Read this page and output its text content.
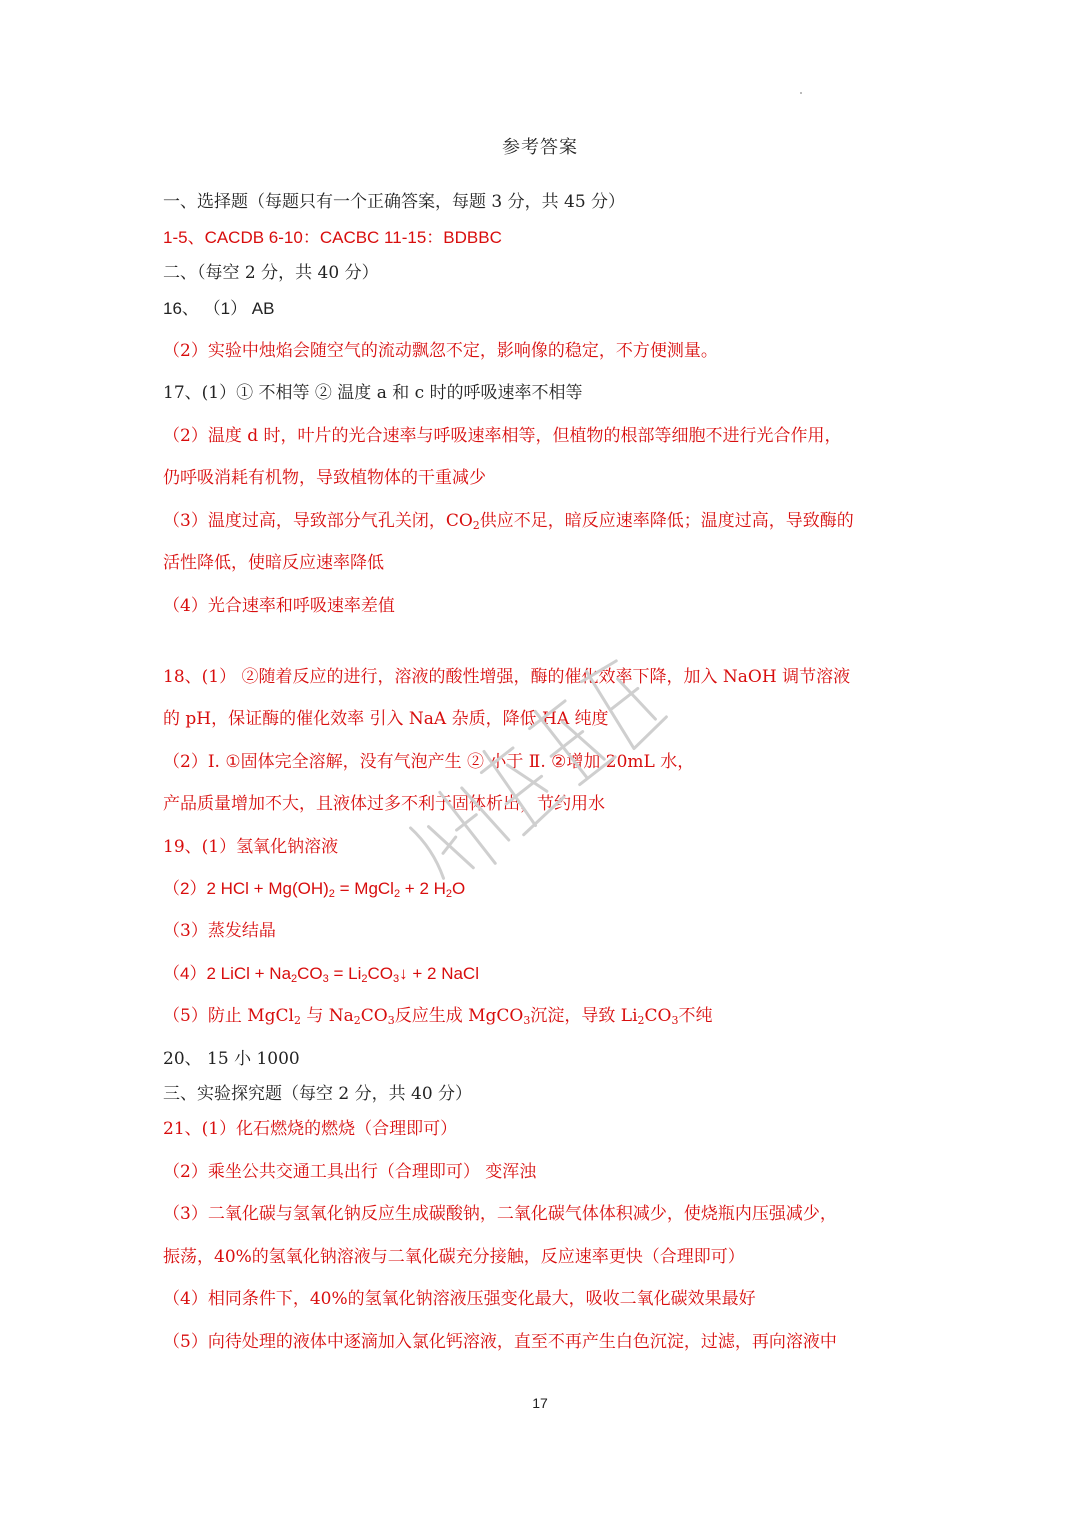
参考答案
一、选择题（每题只有一个正确答案，每题 3 分，共 45 分）
1-5、CACDB 6-10：CACBC 11-15：BDBBC
二、（每空 2 分，共 40 分）
16、 （1） AB
（2）实验中烛焰会随空气的流动飘忽不定，影响像的稳定，不方便测量。
17、(1）① 不相等 ② 温度 a 和 c 时的呼吸速率不相等
（2）温度 d 时，叶片的光合速率与呼吸速率相等，但植物的根部等细胞不进行光合作用，
仍呼吸消耗有机物，导致植物体的干重减少
（3）温度过高，导致部分气孔关闭，$CO_2$供应不足，暗反应速率降低；温度过高，导致酶的
活性降低，使暗反应速率降低
（4）光合速率和呼吸速率差值
18、(1） ②随着反应的进行，溶液的酸性增强，酶的催化效率下降，加入 NaOH 调节溶液
的 pH，保证酶的催化效率 引入 NaA 杂质，降低 HA 纯度
（2）I. ①固体完全溶解，没有气泡产生 ② 小于 Ⅱ. ②增加 20mL 水，
产品质量增加不大，且液体过多不利于固体析出，节约用水
19、(1）氢氧化钠溶液
（2）2 HCl + $Mg(OH)_2$ = MgCl$_2$ + 2 $H_2O$
（3）蒸发结晶
（4）2 LiCl + $Na_2CO_3$ = $Li_2CO_3↓ + 2$ NaCl
（5）防止 MgCl$_2$ 与 $Na_2CO_3$反应生成 MgCO$_3$沉淀，导致 $Li_2CO_3$不纯
20、 15 小 1000
三、实验探究题（每空 2 分，共 40 分）
21、(1）化石燃烧的燃烧（合理即可）
（2）乘坐公共交通工具出行（合理即可） 变浑浊
（3）二氧化碳与氢氧化钠反应生成碳酸钠，二氧化碳气体体积减少，使烧瓶内压强减少，
振荡，40%的氢氧化钠溶液与二氧化碳充分接触，反应速率更快（合理即可）
（4）相同条件下，40%的氢氧化钠溶液压强变化最大，吸收二氧化碳效果最好
（5）向待处理的液体中逐滴加入氯化钙溶液，直至不再产生白色沉淀，过滤，再向溶液中
17
